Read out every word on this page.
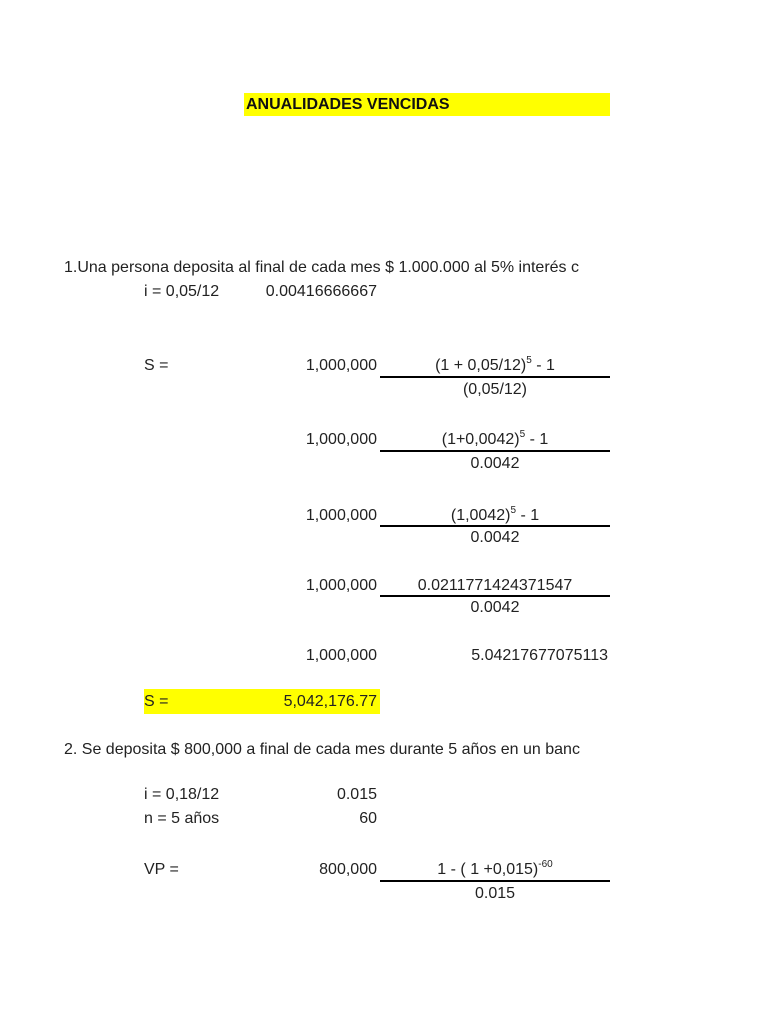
ANUALIDADES VENCIDAS
1.Una persona deposita al final de cada mes $ 1.000.000 al 5% interés c
i = 0,05/12	0.00416666667
S =	1,000,000	$(1 + 0,05/12)^5 - 1$
(0,05/12)
1,000,000	$(1+0,0042)^5 - 1$
0.0042
1,000,000	$(1,0042)^5 - 1$
0.0042
1,000,000	0.0211771424371547
0.0042
1,000,000	5.04217677075113
S =	5,042,176.77
2. Se deposita $ 800,000 a final de cada mes durante 5 años en un banc
i = 0,18/12	0.015
n = 5 años	60
VP =	800,000	1 - ( 1 +0,015)$^{-60}$
0.015
